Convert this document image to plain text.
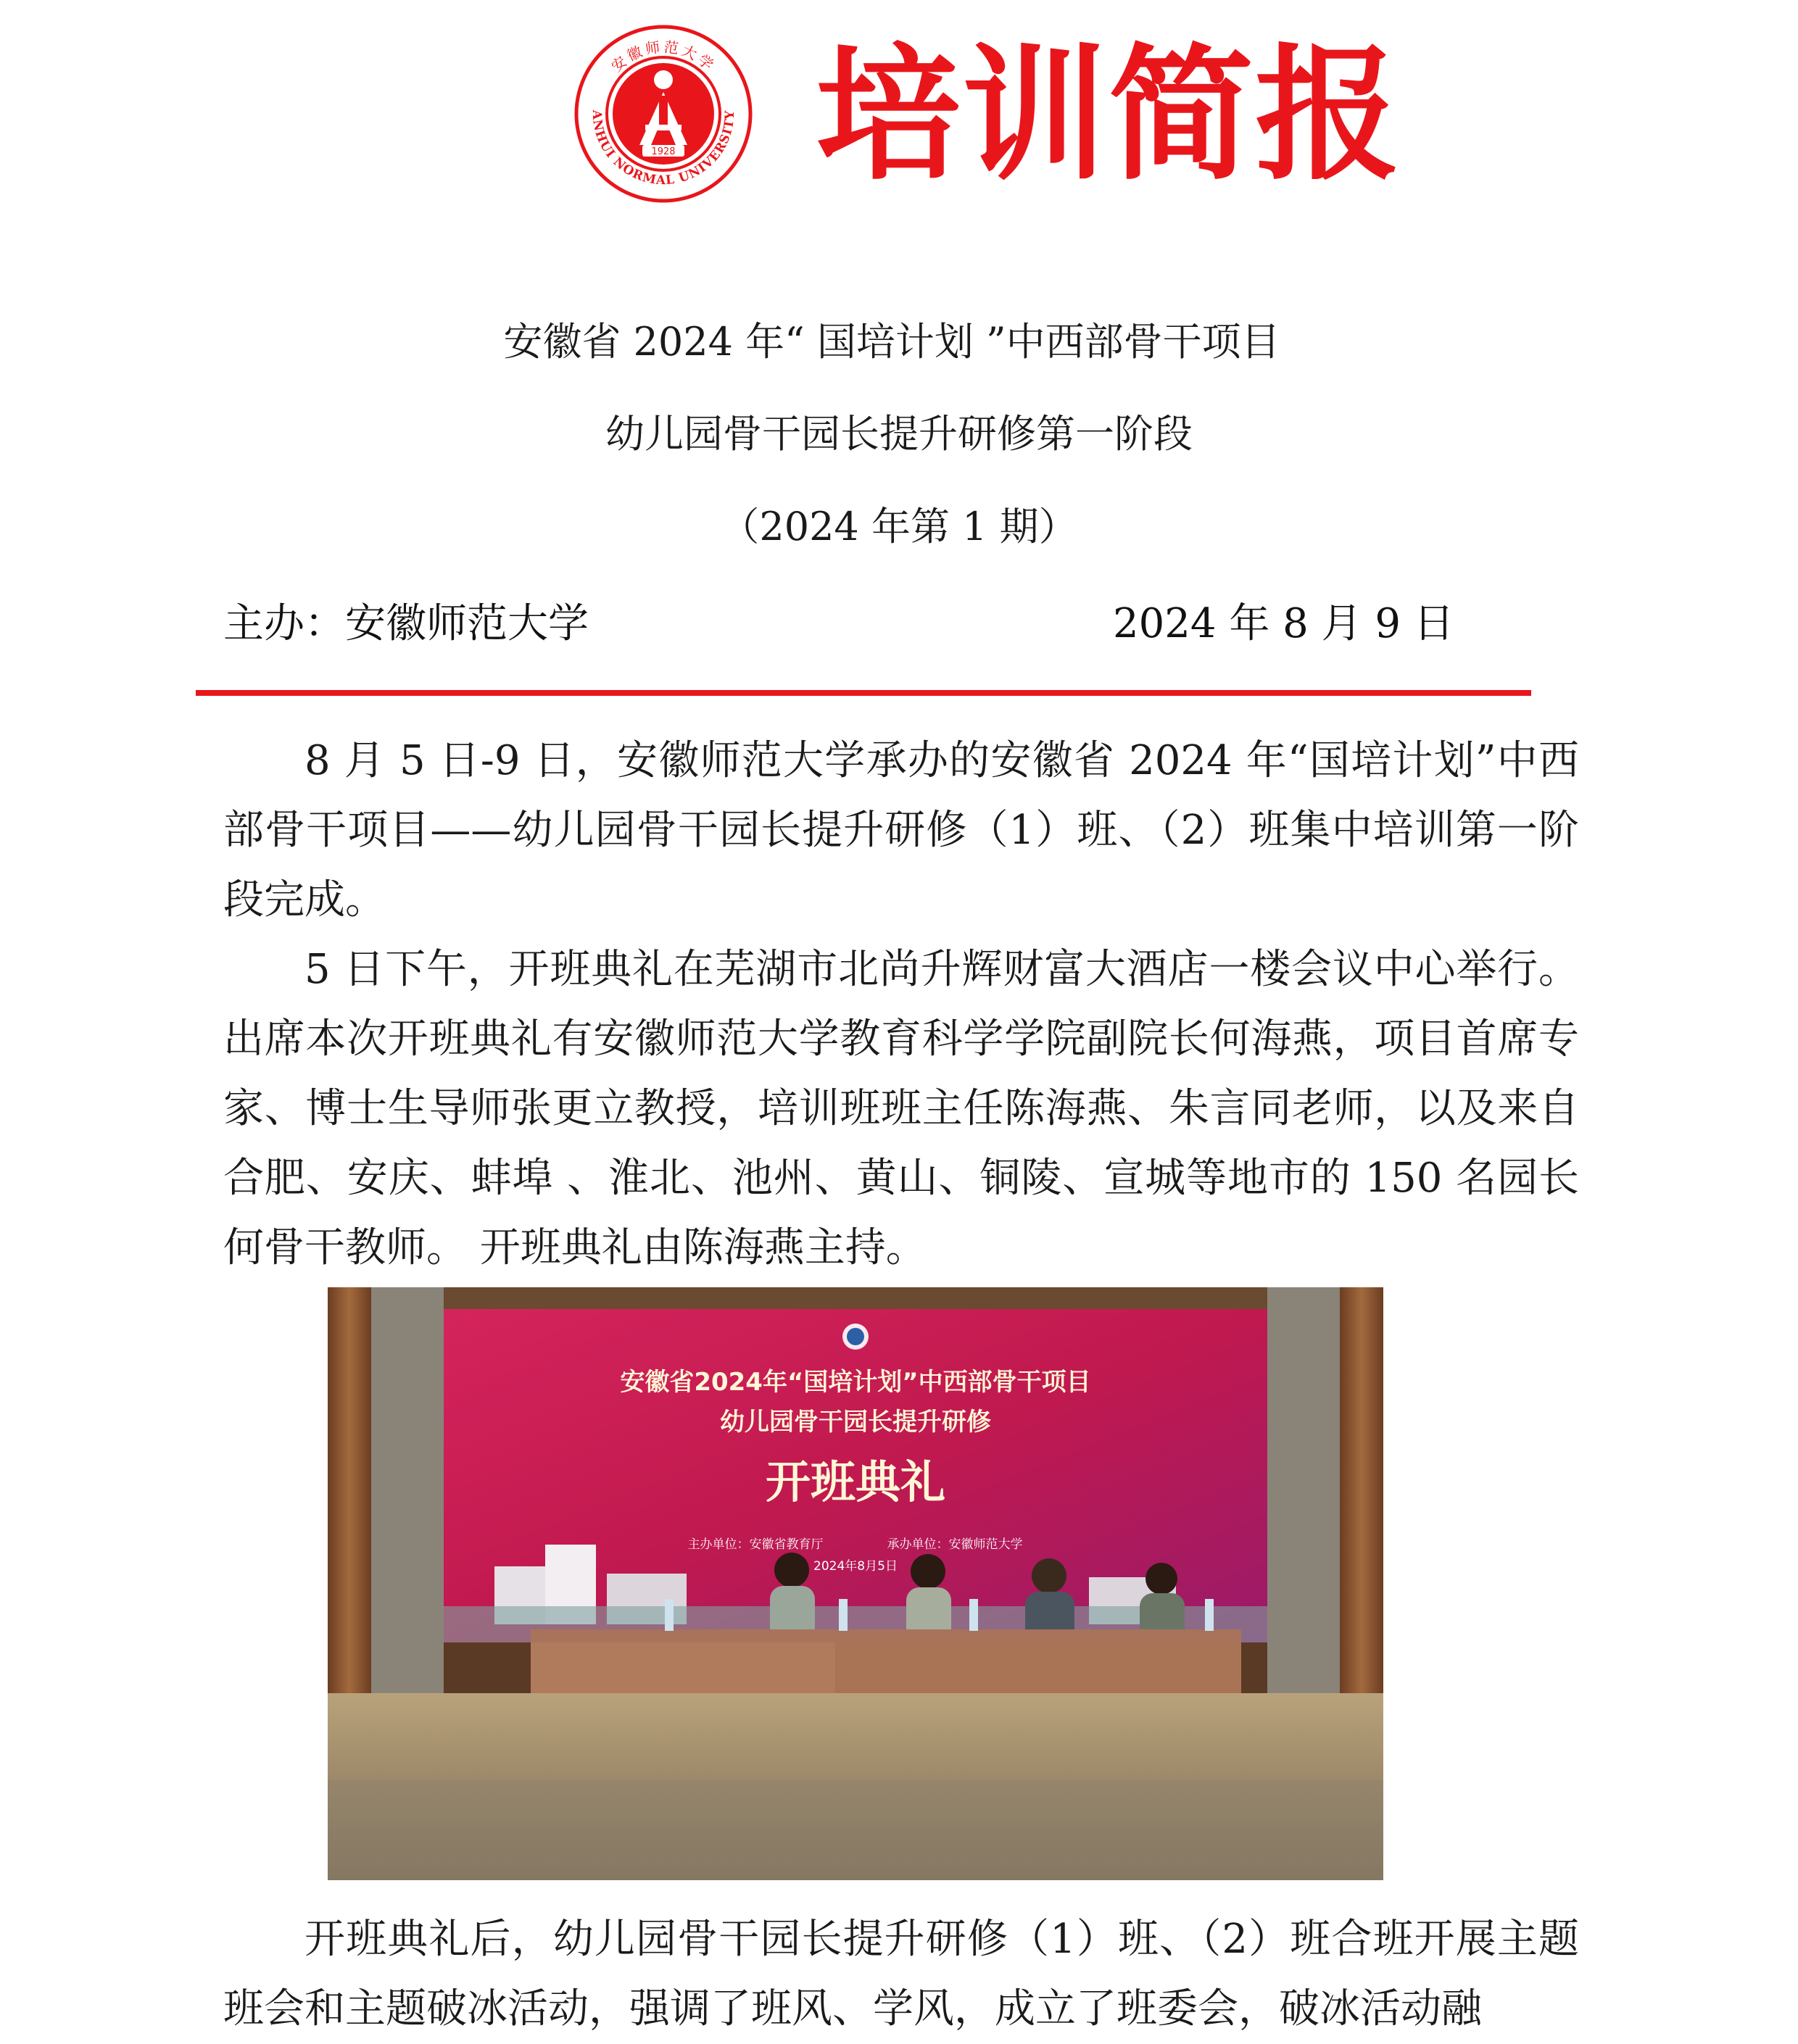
1928
ANHUI NORMAL UNIVERSITY
安徽师范大学 培训简报
安徽省 2024 年“ 国培计划 ”中西部骨干项目
幼儿园骨干园长提升研修第一阶段
（2024 年第 1 期）
主办：安徽师范大学	2024 年 8 月 9 日
8 月 5 日-9 日，安徽师范大学承办的安徽省 2024 年“国培计划”中西部骨干项目——幼儿园骨干园长提升研修（1）班、（2）班集中培训第一阶段完成。
5 日下午，开班典礼在芜湖市北尚升辉财富大酒店一楼会议中心举行。出席本次开班典礼有安徽师范大学教育科学学院副院长何海燕，项目首席专家、博士生导师张更立教授，培训班班主任陈海燕、朱言同老师，以及来自合肥、安庆、蚌埠 、淮北、池州、黄山、铜陵、宣城等地市的 150 名园长何骨干教师。 开班典礼由陈海燕主持。
安徽省2024年“国培计划”中西部骨干项目
幼儿园骨干园长提升研修
开班典礼
主办单位：安徽省教育厅	承办单位：安徽师范大学
2024年8月5日
开班典礼后，幼儿园骨干园长提升研修（1）班、（2）班合班开展主题班会和主题破冰活动，强调了班风、学风，成立了班委会，破冰活动融
